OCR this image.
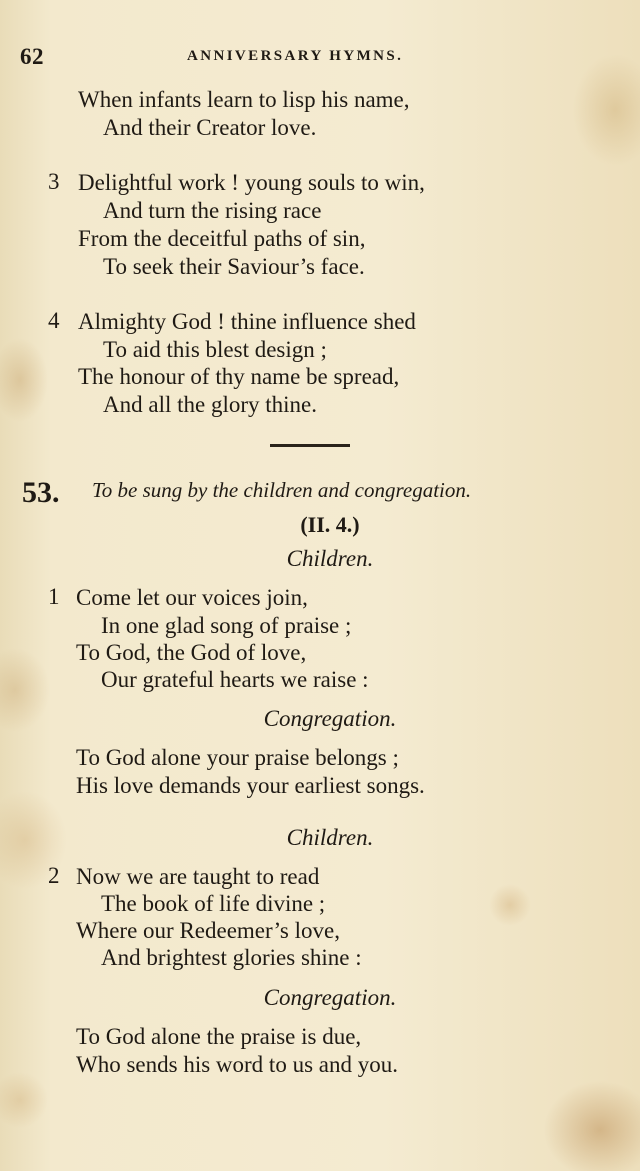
62	ANNIVERSARY HYMNS.
When infants learn to lisp his name,
And their Creator love.
3 Delightful work ! young souls to win,
And turn the rising race
From the deceitful paths of sin,
To seek their Saviour’s face.
4 Almighty God ! thine influence shed
To aid this blest design ;
The honour of thy name be spread,
And all the glory thine.
53. To be sung by the children and congregation.
(II. 4.)
Children.
1 Come let our voices join,
In one glad song of praise ;
To God, the God of love,
Our grateful hearts we raise :
Congregation.
To God alone your praise belongs ;
His love demands your earliest songs.
Children.
2 Now we are taught to read
The book of life divine ;
Where our Redeemer’s love,
And brightest glories shine :
Congregation.
To God alone the praise is due,
Who sends his word to us and you.
